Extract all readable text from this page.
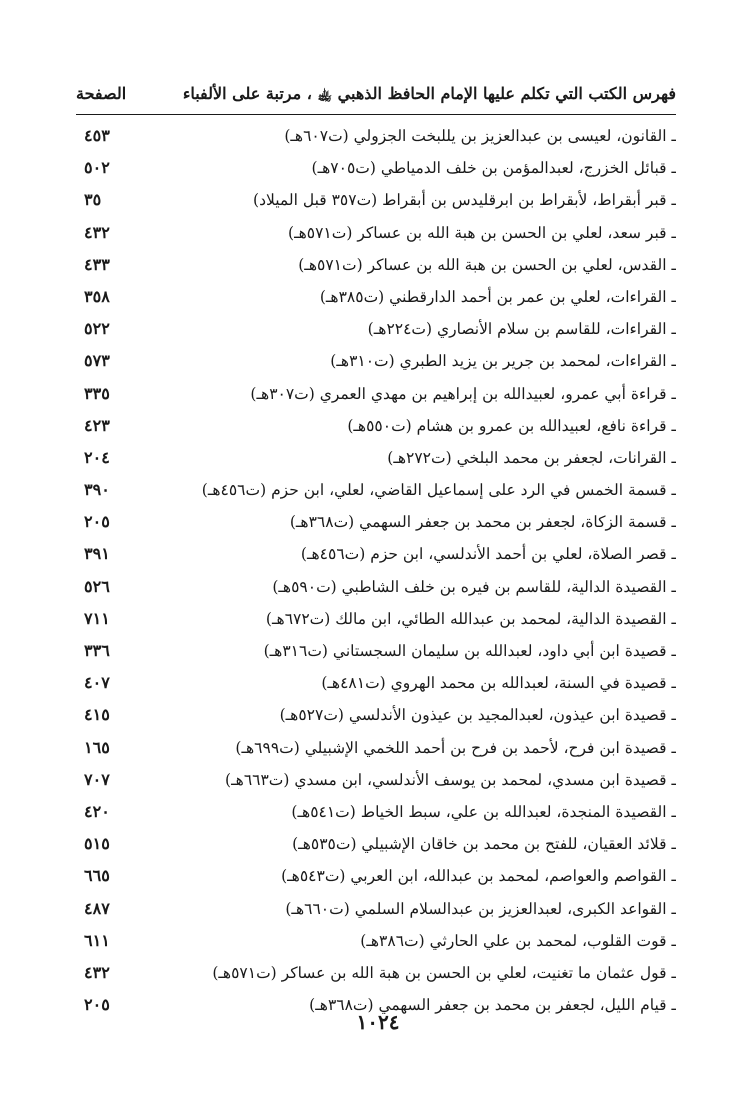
فهرس الكتب التي تكلم عليها الإمام الحافظ الذهبي ﵀ ، مرتبة على الألفباء
الصفحة
ـ القانون، لعيسى بن عبدالعزيز بن يللبخت الجزولي (ت٦٠٧هـ)
٤٥٣
ـ قبائل الخزرج، لعبدالمؤمن بن خلف الدمياطي (ت٧٠٥هـ)
٥٠٢
ـ قبر أبقراط، لأبقراط بن ابرقليدس بن أبقراط (ت٣٥٧ قبل الميلاد)
٣٥
ـ قبر سعد، لعلي بن الحسن بن هبة الله بن عساكر (ت٥٧١هـ)
٤٣٢
ـ القدس، لعلي بن الحسن بن هبة الله بن عساكر (ت٥٧١هـ)
٤٣٣
ـ القراءات، لعلي بن عمر بن أحمد الدارقطني (ت٣٨٥هـ)
٣٥٨
ـ القراءات، للقاسم بن سلام الأنصاري (ت٢٢٤هـ)
٥٢٢
ـ القراءات، لمحمد بن جرير بن يزيد الطبري (ت٣١٠هـ)
٥٧٣
ـ قراءة أبي عمرو، لعبيدالله بن إبراهيم بن مهدي العمري (ت٣٠٧هـ)
٣٣٥
ـ قراءة نافع، لعبيدالله بن عمرو بن هشام (ت٥٥٠هـ)
٤٢٣
ـ القرانات، لجعفر بن محمد البلخي (ت٢٧٢هـ)
٢٠٤
ـ قسمة الخمس في الرد على إسماعيل القاضي، لعلي، ابن حزم (ت٤٥٦هـ)
٣٩٠
ـ قسمة الزكاة، لجعفر بن محمد بن جعفر السهمي (ت٣٦٨هـ)
٢٠٥
ـ قصر الصلاة، لعلي بن أحمد الأندلسي، ابن حزم (ت٤٥٦هـ)
٣٩١
ـ القصيدة الدالية، للقاسم بن فيره بن خلف الشاطبي (ت٥٩٠هـ)
٥٢٦
ـ القصيدة الدالية، لمحمد بن عبدالله الطائي، ابن مالك (ت٦٧٢هـ)
٧١١
ـ قصيدة ابن أبي داود، لعبدالله بن سليمان السجستاني (ت٣١٦هـ)
٣٣٦
ـ قصيدة في السنة، لعبدالله بن محمد الهروي (ت٤٨١هـ)
٤٠٧
ـ قصيدة ابن عيذون، لعبدالمجيد بن عيذون الأندلسي (ت٥٢٧هـ)
٤١٥
ـ قصيدة ابن فرح، لأحمد بن فرح بن أحمد اللخمي الإشبيلي (ت٦٩٩هـ)
١٦٥
ـ قصيدة ابن مسدي، لمحمد بن يوسف الأندلسي، ابن مسدي (ت٦٦٣هـ)
٧٠٧
ـ القصيدة المنجدة، لعبدالله بن علي، سبط الخياط (ت٥٤١هـ)
٤٢٠
ـ قلائد العقيان، للفتح بن محمد بن خاقان الإشبيلي (ت٥٣٥هـ)
٥١٥
ـ القواصم والعواصم، لمحمد بن عبدالله، ابن العربي (ت٥٤٣هـ)
٦٦٥
ـ القواعد الكبرى، لعبدالعزيز بن عبدالسلام السلمي (ت٦٦٠هـ)
٤٨٧
ـ قوت القلوب، لمحمد بن علي الحارثي (ت٣٨٦هـ)
٦١١
ـ قول عثمان ما تغنيت، لعلي بن الحسن بن هبة الله بن عساكر (ت٥٧١هـ)
٤٣٢
ـ قيام الليل، لجعفر بن محمد بن جعفر السهمي (ت٣٦٨هـ)
٢٠٥
١٠٢٤
